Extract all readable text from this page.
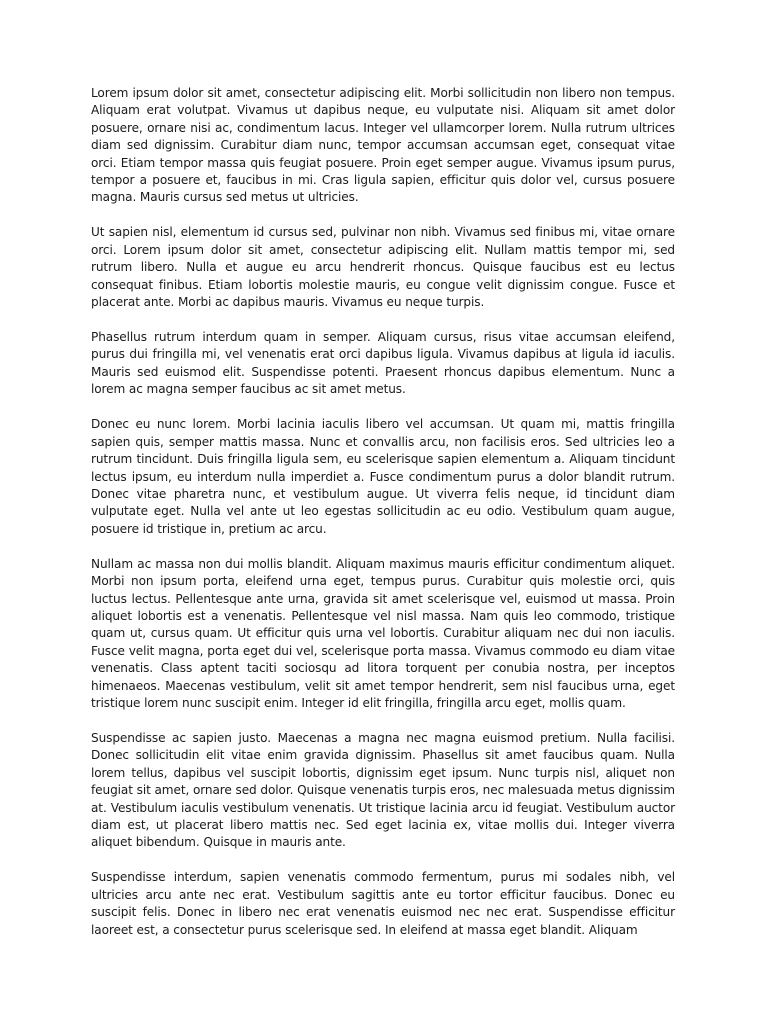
Lorem ipsum dolor sit amet, consectetur adipiscing elit. Morbi sollicitudin non libero non tempus. Aliquam erat volutpat. Vivamus ut dapibus neque, eu vulputate nisi. Aliquam sit amet dolor posuere, ornare nisi ac, condimentum lacus. Integer vel ullamcorper lorem. Nulla rutrum ultrices diam sed dignissim. Curabitur diam nunc, tempor accumsan accumsan eget, consequat vitae orci. Etiam tempor massa quis feugiat posuere. Proin eget semper augue. Vivamus ipsum purus, tempor a posuere et, faucibus in mi. Cras ligula sapien, efficitur quis dolor vel, cursus posuere magna. Mauris cursus sed metus ut ultricies.

Ut sapien nisl, elementum id cursus sed, pulvinar non nibh. Vivamus sed finibus mi, vitae ornare orci. Lorem ipsum dolor sit amet, consectetur adipiscing elit. Nullam mattis tempor mi, sed rutrum libero. Nulla et augue eu arcu hendrerit rhoncus. Quisque faucibus est eu lectus consequat finibus. Etiam lobortis molestie mauris, eu congue velit dignissim congue. Fusce et placerat ante. Morbi ac dapibus mauris. Vivamus eu neque turpis.

Phasellus rutrum interdum quam in semper. Aliquam cursus, risus vitae accumsan eleifend, purus dui fringilla mi, vel venenatis erat orci dapibus ligula. Vivamus dapibus at ligula id iaculis. Mauris sed euismod elit. Suspendisse potenti. Praesent rhoncus dapibus elementum. Nunc a lorem ac magna semper faucibus ac sit amet metus.

Donec eu nunc lorem. Morbi lacinia iaculis libero vel accumsan. Ut quam mi, mattis fringilla sapien quis, semper mattis massa. Nunc et convallis arcu, non facilisis eros. Sed ultricies leo a rutrum tincidunt. Duis fringilla ligula sem, eu scelerisque sapien elementum a. Aliquam tincidunt lectus ipsum, eu interdum nulla imperdiet a. Fusce condimentum purus a dolor blandit rutrum. Donec vitae pharetra nunc, et vestibulum augue. Ut viverra felis neque, id tincidunt diam vulputate eget. Nulla vel ante ut leo egestas sollicitudin ac eu odio. Vestibulum quam augue, posuere id tristique in, pretium ac arcu.

Nullam ac massa non dui mollis blandit. Aliquam maximus mauris efficitur condimentum aliquet. Morbi non ipsum porta, eleifend urna eget, tempus purus. Curabitur quis molestie orci, quis luctus lectus. Pellentesque ante urna, gravida sit amet scelerisque vel, euismod ut massa. Proin aliquet lobortis est a venenatis. Pellentesque vel nisl massa. Nam quis leo commodo, tristique quam ut, cursus quam. Ut efficitur quis urna vel lobortis. Curabitur aliquam nec dui non iaculis. Fusce velit magna, porta eget dui vel, scelerisque porta massa. Vivamus commodo eu diam vitae venenatis. Class aptent taciti sociosqu ad litora torquent per conubia nostra, per inceptos himenaeos. Maecenas vestibulum, velit sit amet tempor hendrerit, sem nisl faucibus urna, eget tristique lorem nunc suscipit enim. Integer id elit fringilla, fringilla arcu eget, mollis quam.

Suspendisse ac sapien justo. Maecenas a magna nec magna euismod pretium. Nulla facilisi. Donec sollicitudin elit vitae enim gravida dignissim. Phasellus sit amet faucibus quam. Nulla lorem tellus, dapibus vel suscipit lobortis, dignissim eget ipsum. Nunc turpis nisl, aliquet non feugiat sit amet, ornare sed dolor. Quisque venenatis turpis eros, nec malesuada metus dignissim at. Vestibulum iaculis vestibulum venenatis. Ut tristique lacinia arcu id feugiat. Vestibulum auctor diam est, ut placerat libero mattis nec. Sed eget lacinia ex, vitae mollis dui. Integer viverra aliquet bibendum. Quisque in mauris ante.

Suspendisse interdum, sapien venenatis commodo fermentum, purus mi sodales nibh, vel ultricies arcu ante nec erat. Vestibulum sagittis ante eu tortor efficitur faucibus. Donec eu suscipit felis. Donec in libero nec erat venenatis euismod nec nec erat. Suspendisse efficitur laoreet est, a consectetur purus scelerisque sed. In eleifend at massa eget blandit. Aliquam
